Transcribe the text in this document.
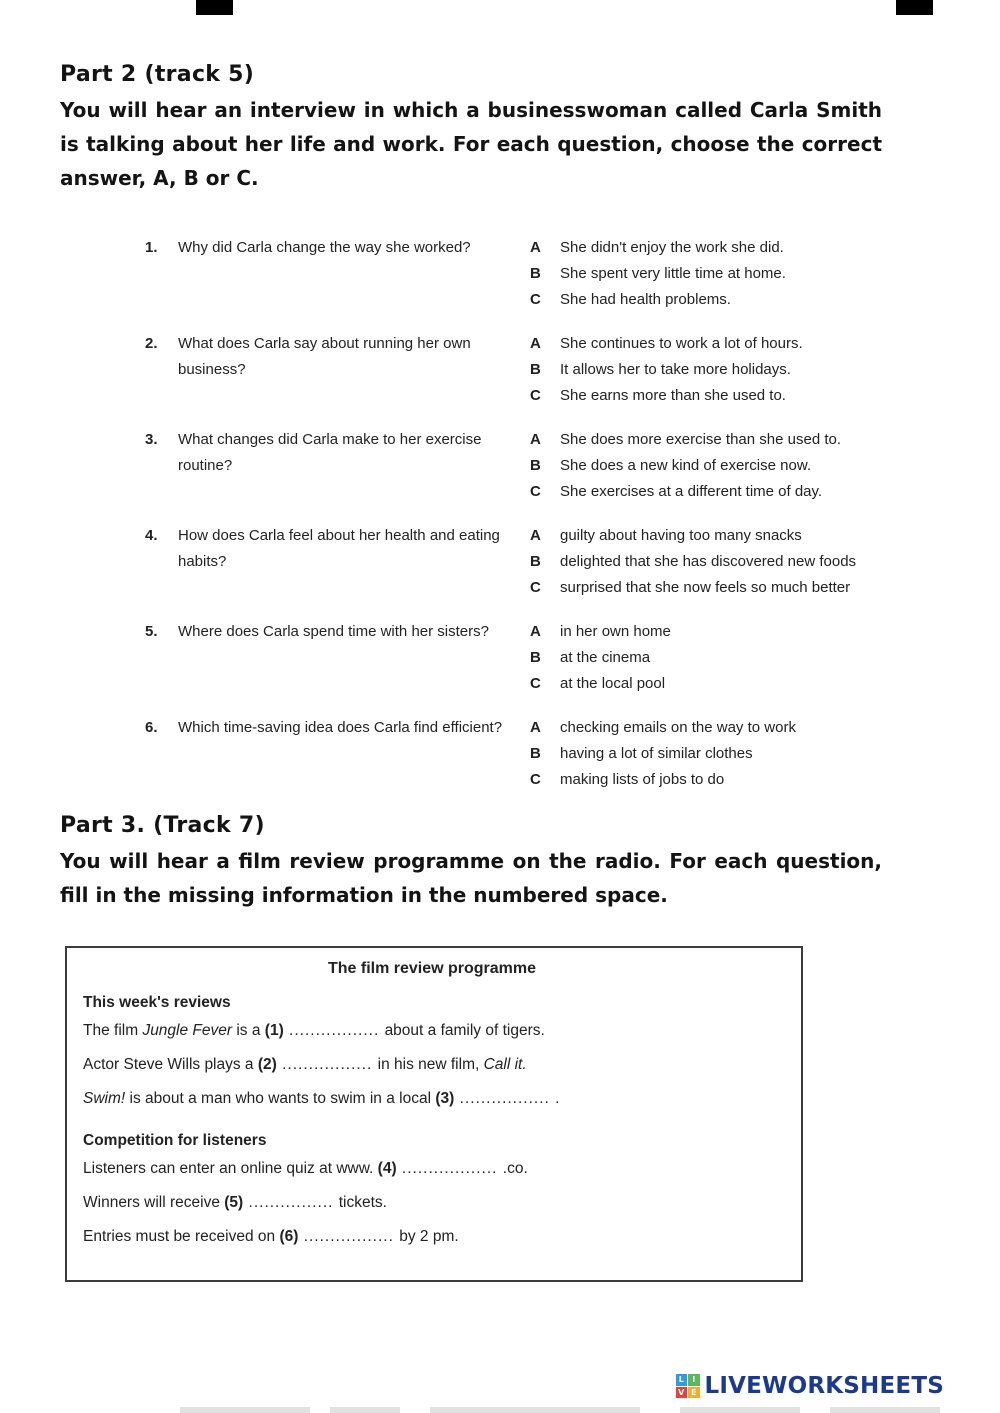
Part 2 (track 5)

You will hear an interview in which a businesswoman called Carla Smith is talking about her life and work. For each question, choose the correct answer, A, B or C.

1.	Why did Carla change the way she worked?	A	She didn't enjoy the work she did.
B	She spent very little time at home.
C	She had health problems.
2.	What does Carla say about running her own business?
A	She continues to work a lot of hours.
B	It allows her to take more holidays.
C	She earns more than she used to.
3.	What changes did Carla make to her exercise routine?
A	She does more exercise than she used to.
B	She does a new kind of exercise now.
C	She exercises at a different time of day.
4.	How does Carla feel about her health and eating habits?
A	guilty about having too many snacks
B	delighted that she has discovered new foods
C	surprised that she now feels so much better
5.	Where does Carla spend time with her sisters?	A	in her own home
B	at the cinema
C	at the local pool
6.	Which time-saving idea does Carla find efficient?	A	checking emails on the way to work
B	having a lot of similar clothes
C	making lists of jobs to do
Part 3. (Track 7)

You will hear a film review programme on the radio. For each question, fill in the missing information in the numbered space.

The film review programme
This week's reviews
The film Jungle Fever is a (1) ................. about a family of tigers.
Actor Steve Wills plays a (2) ................. in his new film, Call it.
Swim! is about a man who wants to swim in a local (3) ................. .
Competition for listeners
Listeners can enter an online quiz at www. (4) .................. .co.
Winners will receive (5) ................ tickets.
Entries must be received on (6) ................. by 2 pm.
L	I
V E LIVEWORKSHEETS
